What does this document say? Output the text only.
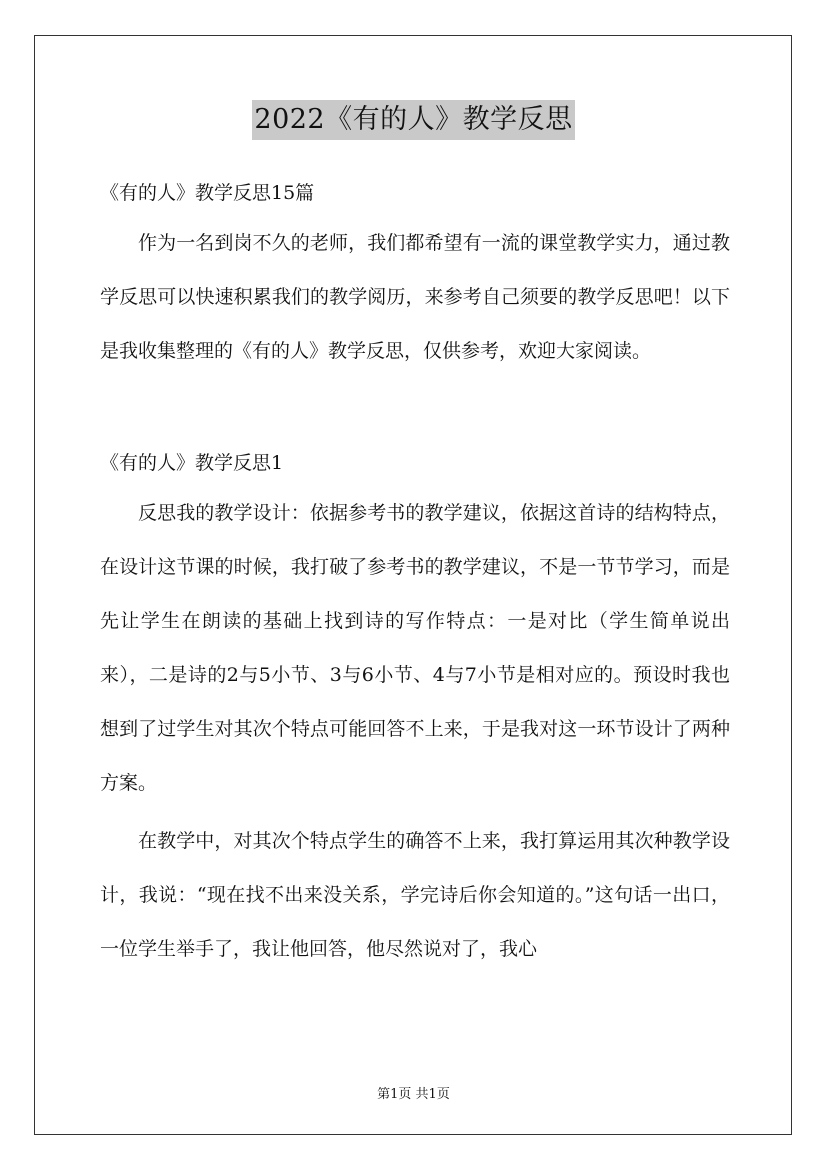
2022《有的人》教学反思

《有的人》教学反思15篇

作为一名到岗不久的老师，我们都希望有一流的课堂教学实力，通过教学反思可以快速积累我们的教学阅历，来参考自己须要的教学反思吧！以下是我收集整理的《有的人》教学反思，仅供参考，欢迎大家阅读。

《有的人》教学反思1

反思我的教学设计：依据参考书的教学建议，依据这首诗的结构特点，在设计这节课的时候，我打破了参考书的教学建议，不是一节节学习，而是先让学生在朗读的基础上找到诗的写作特点：一是对比（学生简单说出来），二是诗的2与5小节、3与6小节、4与7小节是相对应的。预设时我也想到了过学生对其次个特点可能回答不上来，于是我对这一环节设计了两种方案。

在教学中，对其次个特点学生的确答不上来，我打算运用其次种教学设计，我说：“现在找不出来没关系，学完诗后你会知道的。”这句话一出口，一位学生举手了，我让他回答，他尽然说对了，我心

第1页 共1页
